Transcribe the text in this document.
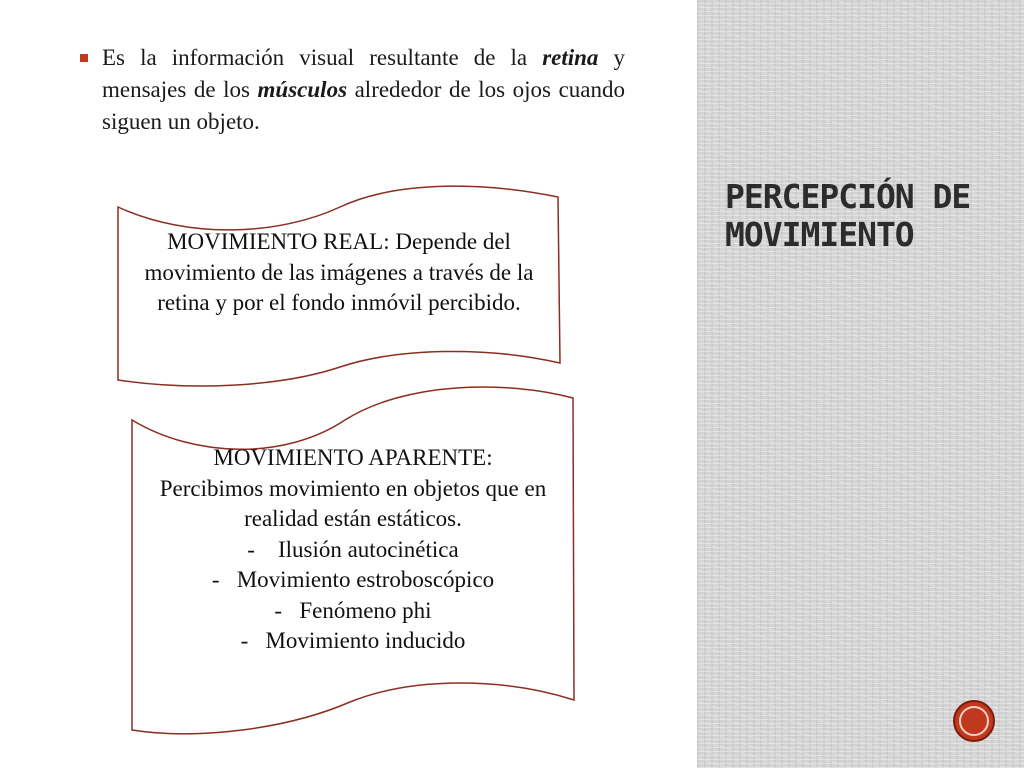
Es la información visual resultante de la retina y mensajes de los músculos alrededor de los ojos cuando siguen un objeto.

MOVIMIENTO REAL: Depende del movimiento de las imágenes a través de la retina y por el fondo inmóvil percibido.

MOVIMIENTO APARENTE:

Percibimos movimiento en objetos que en realidad están estáticos.

-    Ilusión autocinética

-   Movimiento estroboscópico

-   Fenómeno phi

-   Movimiento inducido

PERCEPCIÓN DE MOVIMIENTO
